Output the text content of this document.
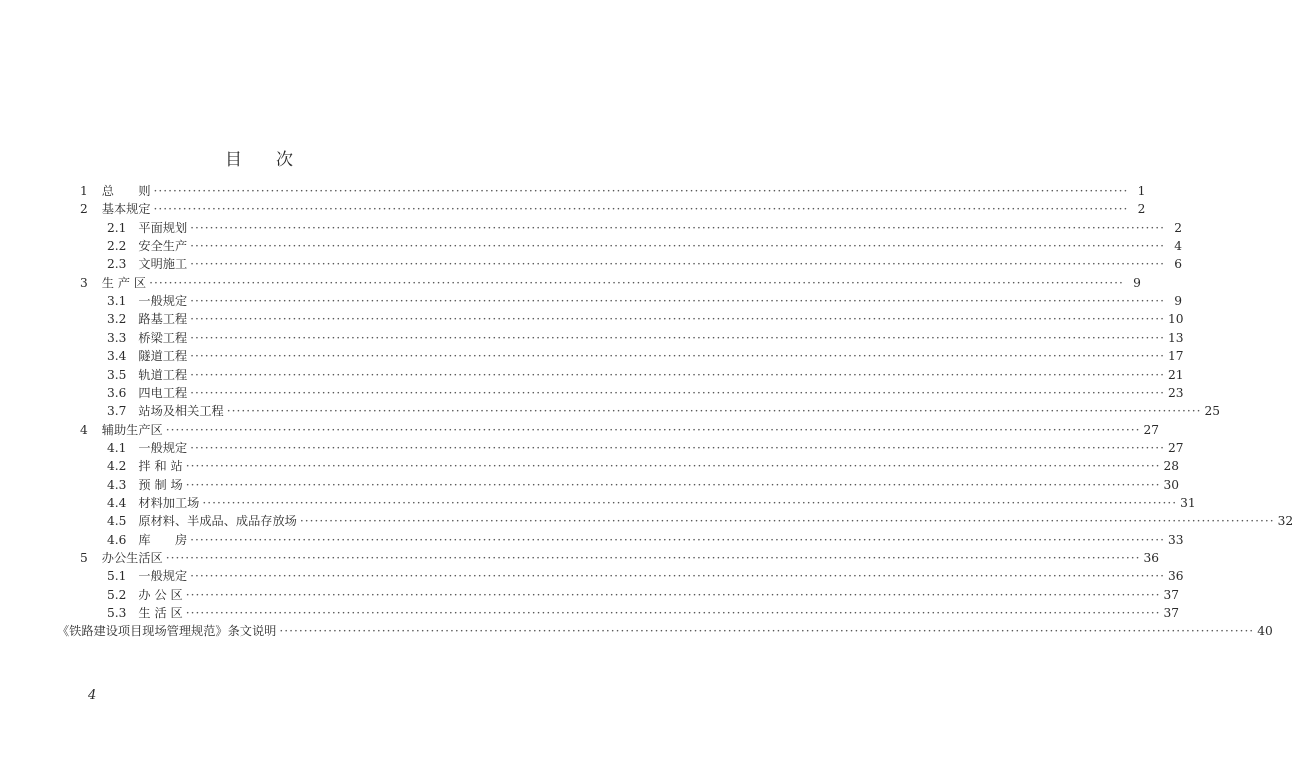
目次
1 总　　则 ········································································································································································································ 1
2 基本规定 ········································································································································································································ 2
2.1 平面规划 ········································································································································································································ 2
2.2 安全生产 ········································································································································································································ 4
2.3 文明施工 ········································································································································································································ 6
3 生 产 区 ········································································································································································································ 9
3.1 一般规定 ········································································································································································································ 9
3.2 路基工程 ········································································································································································································ 10
3.3 桥梁工程 ········································································································································································································ 13
3.4 隧道工程 ········································································································································································································ 17
3.5 轨道工程 ········································································································································································································ 21
3.6 四电工程 ········································································································································································································ 23
3.7 站场及相关工程 ········································································································································································································ 25
4 辅助生产区 ········································································································································································································ 27
4.1 一般规定 ········································································································································································································ 27
4.2 拌 和 站 ········································································································································································································ 28
4.3 预 制 场 ········································································································································································································ 30
4.4 材料加工场 ········································································································································································································ 31
4.5 原材料、半成品、成品存放场 ········································································································································································································ 32
4.6 库　　房 ········································································································································································································ 33
5 办公生活区 ········································································································································································································ 36
5.1 一般规定 ········································································································································································································ 36
5.2 办 公 区 ········································································································································································································ 37
5.3 生 活 区 ········································································································································································································ 37
《铁路建设项目现场管理规范》条文说明 ········································································································································································································ 40
4
